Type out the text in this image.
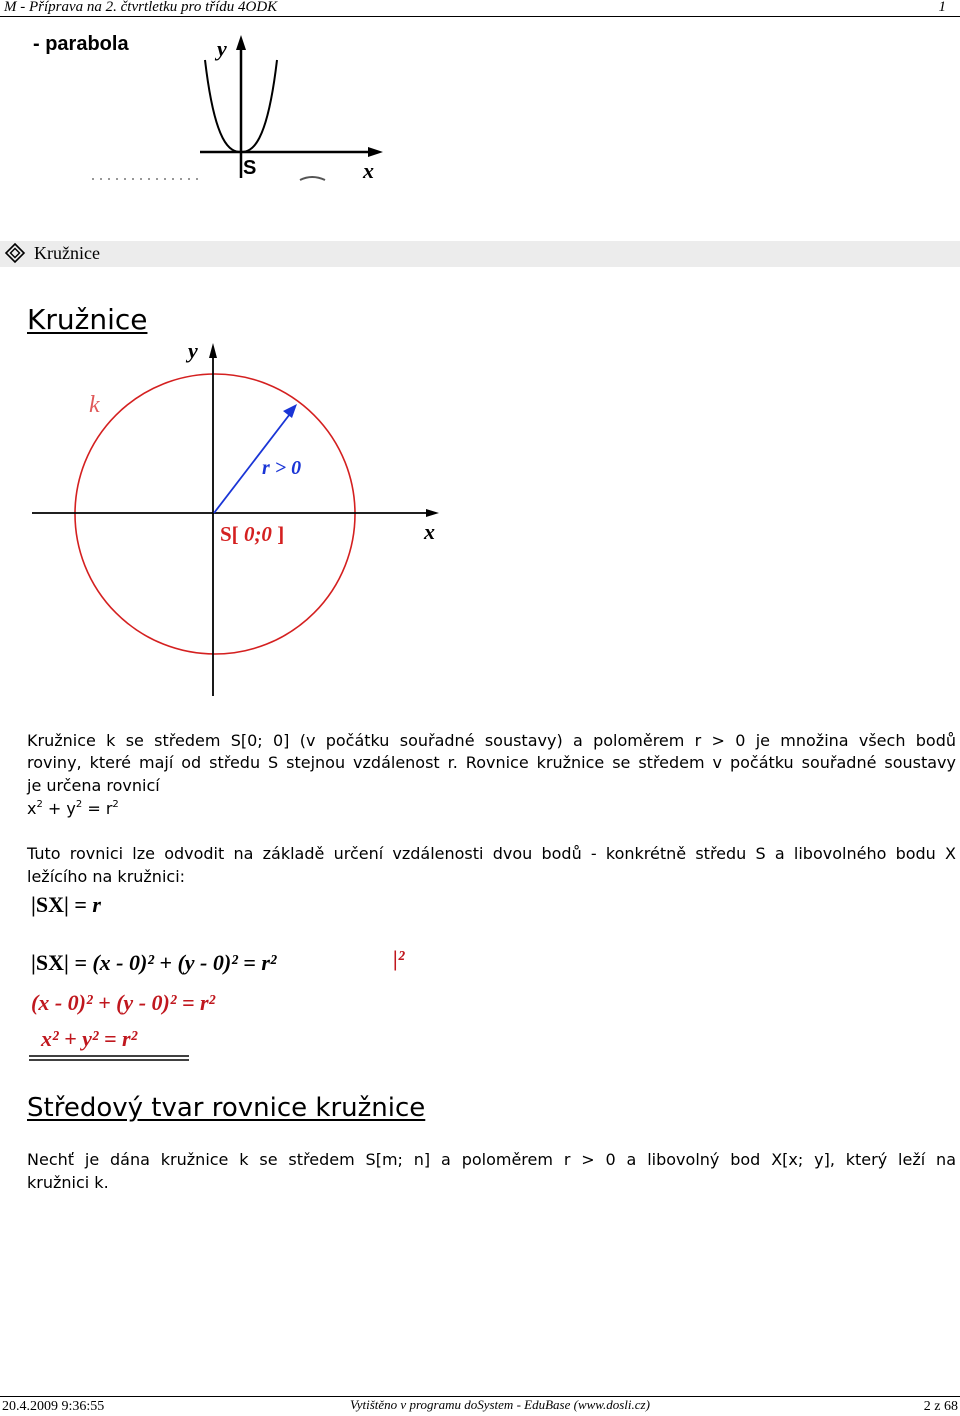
M - Příprava na 2. čtvrtletku pro třídu 4ODK	1
- parabola	y
x
S
Kružnice
Kružnice
y
x
k
r > 0
S[ 0;0 ]
Kružnice k se středem S[0; 0] (v počátku souřadné soustavy) a poloměrem r > 0 je množina všech bodů
roviny, které mají od středu S stejnou vzdálenost r. Rovnice kružnice se středem v počátku souřadné soustavy
je určena rovnicí
$x^2 + y^2 = r^2$
Tuto rovnici lze odvodit na základě určení vzdálenosti dvou bodů - konkrétně středu S a libovolného bodu X
ležícího na kružnici:
|SX| = r
|SX| = (x - 0)² + (y - 0)² = r²	|²
(x - 0)² + (y - 0)² = r²
x² + y² = r²
Středový tvar rovnice kružnice
Nechť je dána kružnice k se středem S[m; n] a poloměrem r > 0 a libovolný bod X[x; y], který leží na
kružnici k.
20.4.2009 9:36:55	Vytištěno v programu doSystem - EduBase (www.dosli.cz)	2 z 68
